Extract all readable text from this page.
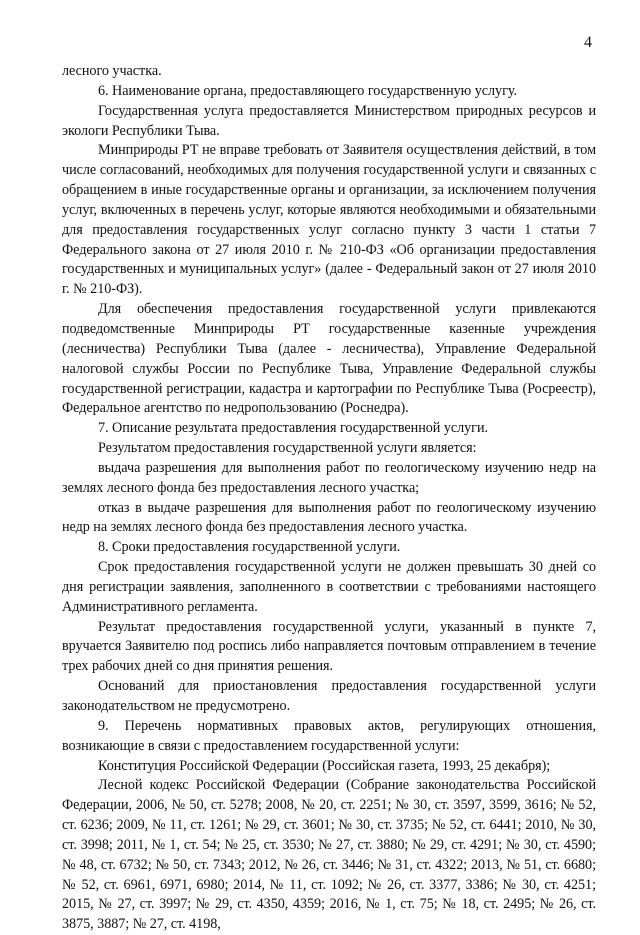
4

лесного участка.

6. Наименование органа, предоставляющего государственную услугу.

Государственная услуга предоставляется Министерством природных ресурсов и экологи Республики Тыва.

Минприроды РТ не вправе требовать от Заявителя осуществления действий, в том числе согласований, необходимых для получения государственной услуги и связанных с обращением в иные государственные органы и организации, за исключением получения услуг, включенных в перечень услуг, которые являются необходимыми и обязательными для предоставления государственных услуг согласно пункту 3 части 1 статьи 7 Федерального закона от 27 июля 2010 г. № 210-ФЗ «Об организации предоставления государственных и муниципальных услуг» (далее - Федеральный закон от 27 июля 2010 г. № 210-ФЗ).

Для обеспечения предоставления государственной услуги привлекаются подведомственные Минприроды РТ государственные казенные учреждения (лесничества) Республики Тыва (далее - лесничества), Управление Федеральной налоговой службы России по Республике Тыва, Управление Федеральной службы государственной регистрации, кадастра и картографии по Республике Тыва (Росреестр), Федеральное агентство по недропользованию (Роснедра).

7. Описание результата предоставления государственной услуги.

Результатом предоставления государственной услуги является:

выдача разрешения для выполнения работ по геологическому изучению недр на землях лесного фонда без предоставления лесного участка;

отказ в выдаче разрешения для выполнения работ по геологическому изучению недр на землях лесного фонда без предоставления лесного участка.

8. Сроки предоставления государственной услуги.

Срок предоставления государственной услуги не должен превышать 30 дней со дня регистрации заявления, заполненного в соответствии с требованиями настоящего Административного регламента.

Результат предоставления государственной услуги, указанный в пункте 7, вручается Заявителю под роспись либо направляется почтовым отправлением в течение трех рабочих дней со дня принятия решения.

Оснований для приостановления предоставления государственной услуги законодательством не предусмотрено.

9. Перечень нормативных правовых актов, регулирующих отношения, возникающие в связи с предоставлением государственной услуги:

Конституция Российской Федерации (Российская газета, 1993, 25 декабря);

Лесной кодекс Российской Федерации (Собрание законодательства Российской Федерации, 2006, № 50, ст. 5278; 2008, № 20, ст. 2251; № 30, ст. 3597, 3599, 3616; № 52, ст. 6236; 2009, № 11, ст. 1261; № 29, ст. 3601; № 30, ст. 3735; № 52, ст. 6441; 2010, № 30, ст. 3998; 2011, № 1, ст. 54; № 25, ст. 3530; № 27, ст. 3880; № 29, ст. 4291; № 30, ст. 4590; № 48, ст. 6732; № 50, ст. 7343; 2012, № 26, ст. 3446; № 31, ст. 4322; 2013, № 51, ст. 6680; № 52, ст. 6961, 6971, 6980; 2014, № 11, ст. 1092; № 26, ст. 3377, 3386; № 30, ст. 4251; 2015, № 27, ст. 3997; № 29, ст. 4350, 4359; 2016, № 1, ст. 75; № 18, ст. 2495; № 26, ст. 3875, 3887; № 27, ст. 4198,
